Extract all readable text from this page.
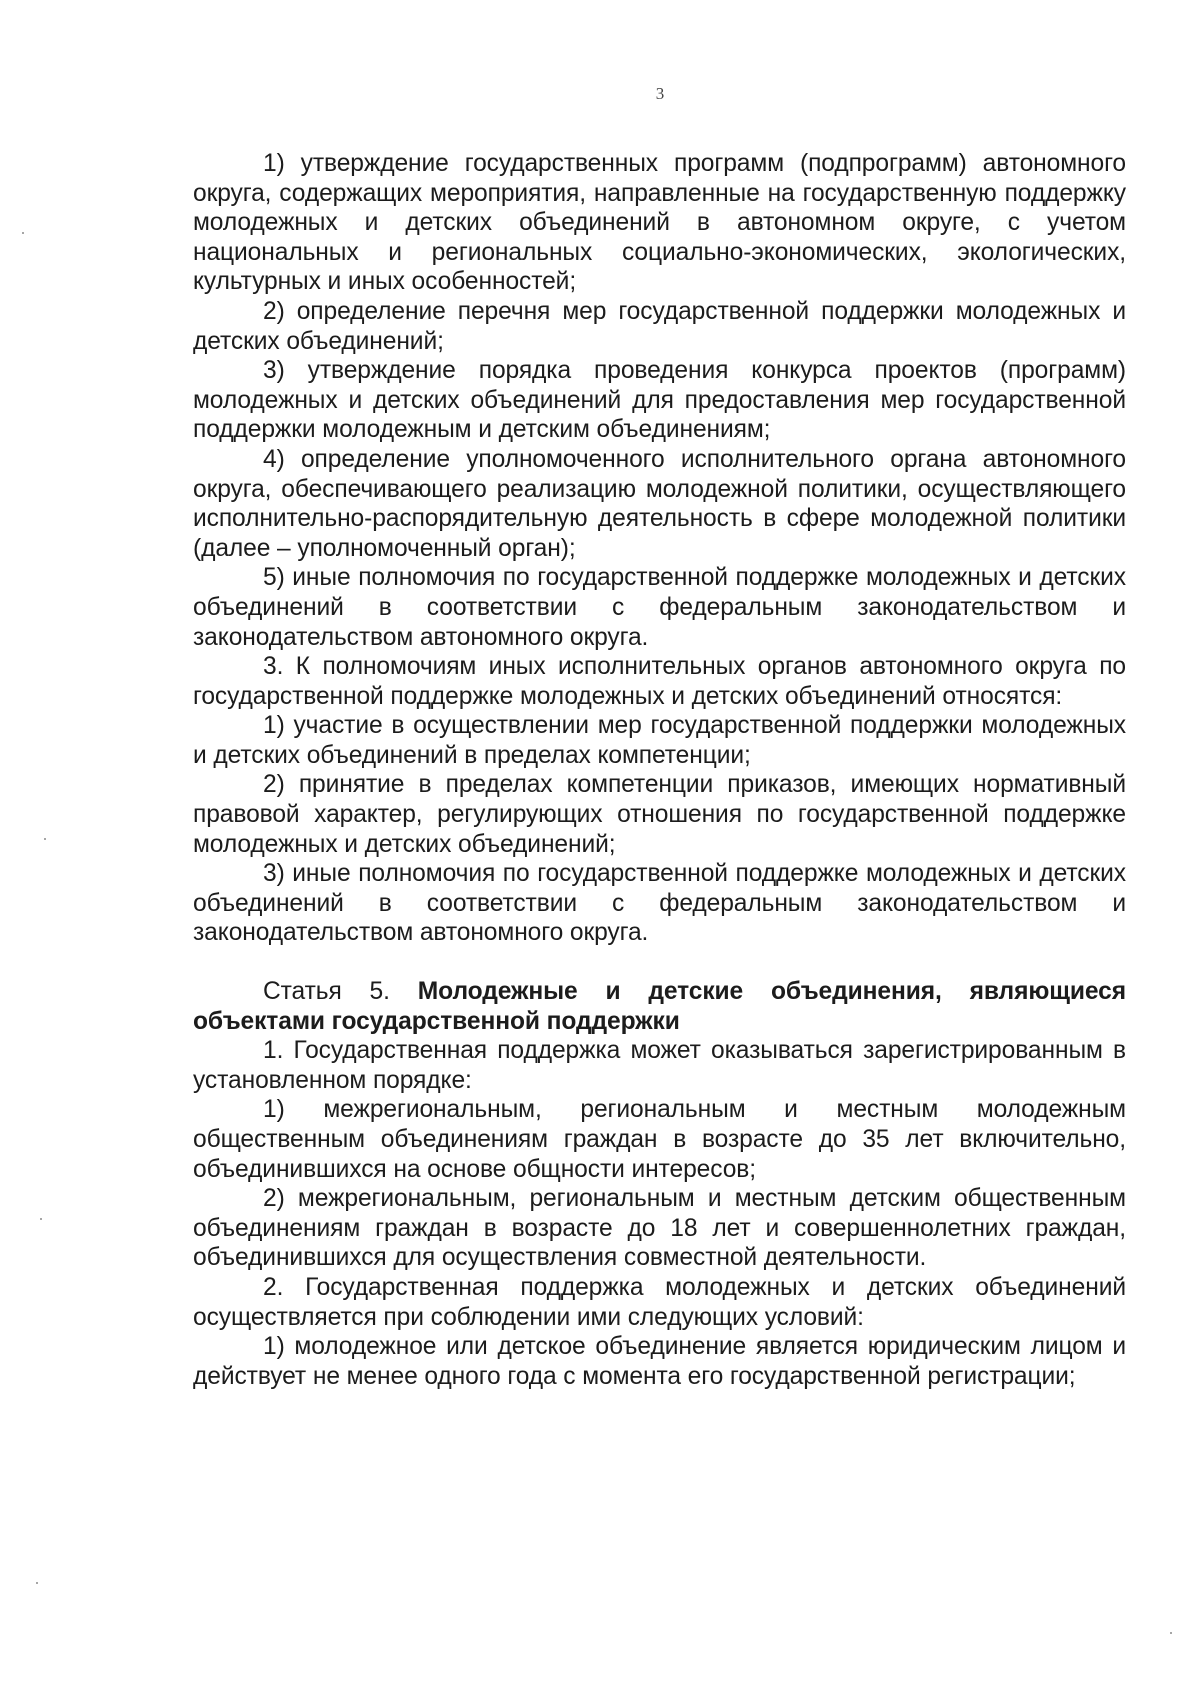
3

1) утверждение государственных программ (подпрограмм) автономного округа, содержащих мероприятия, направленные на государственную поддержку молодежных и детских объединений в автономном округе, с учетом национальных и региональных социально-экономических, экологических, культурных и иных особенностей;

2) определение перечня мер государственной поддержки молодежных и детских объединений;

3) утверждение порядка проведения конкурса проектов (программ) молодежных и детских объединений для предоставления мер государственной поддержки молодежным и детским объединениям;

4) определение уполномоченного исполнительного органа автономного округа, обеспечивающего реализацию молодежной политики, осуществляющего исполнительно-распорядительную деятельность в сфере молодежной политики (далее – уполномоченный орган);

5) иные полномочия по государственной поддержке молодежных и детских объединений в соответствии с федеральным законодательством и законодательством автономного округа.

3. К полномочиям иных исполнительных органов автономного округа по государственной поддержке молодежных и детских объединений относятся:

1) участие в осуществлении мер государственной поддержки молодежных и детских объединений в пределах компетенции;

2) принятие в пределах компетенции приказов, имеющих нормативный правовой характер, регулирующих отношения по государственной поддержке молодежных и детских объединений;

3) иные полномочия по государственной поддержке молодежных и детских объединений в соответствии с федеральным законодательством и законодательством автономного округа.

Статья 5. Молодежные и детские объединения, являющиеся объектами государственной поддержки

1. Государственная поддержка может оказываться зарегистрированным в установленном порядке:

1) межрегиональным, региональным и местным молодежным общественным объединениям граждан в возрасте до 35 лет включительно, объединившихся на основе общности интересов;

2) межрегиональным, региональным и местным детским общественным объединениям граждан в возрасте до 18 лет и совершеннолетних граждан, объединившихся для осуществления совместной деятельности.

2. Государственная поддержка молодежных и детских объединений осуществляется при соблюдении ими следующих условий:

1) молодежное или детское объединение является юридическим лицом и действует не менее одного года с момента его государственной регистрации;
